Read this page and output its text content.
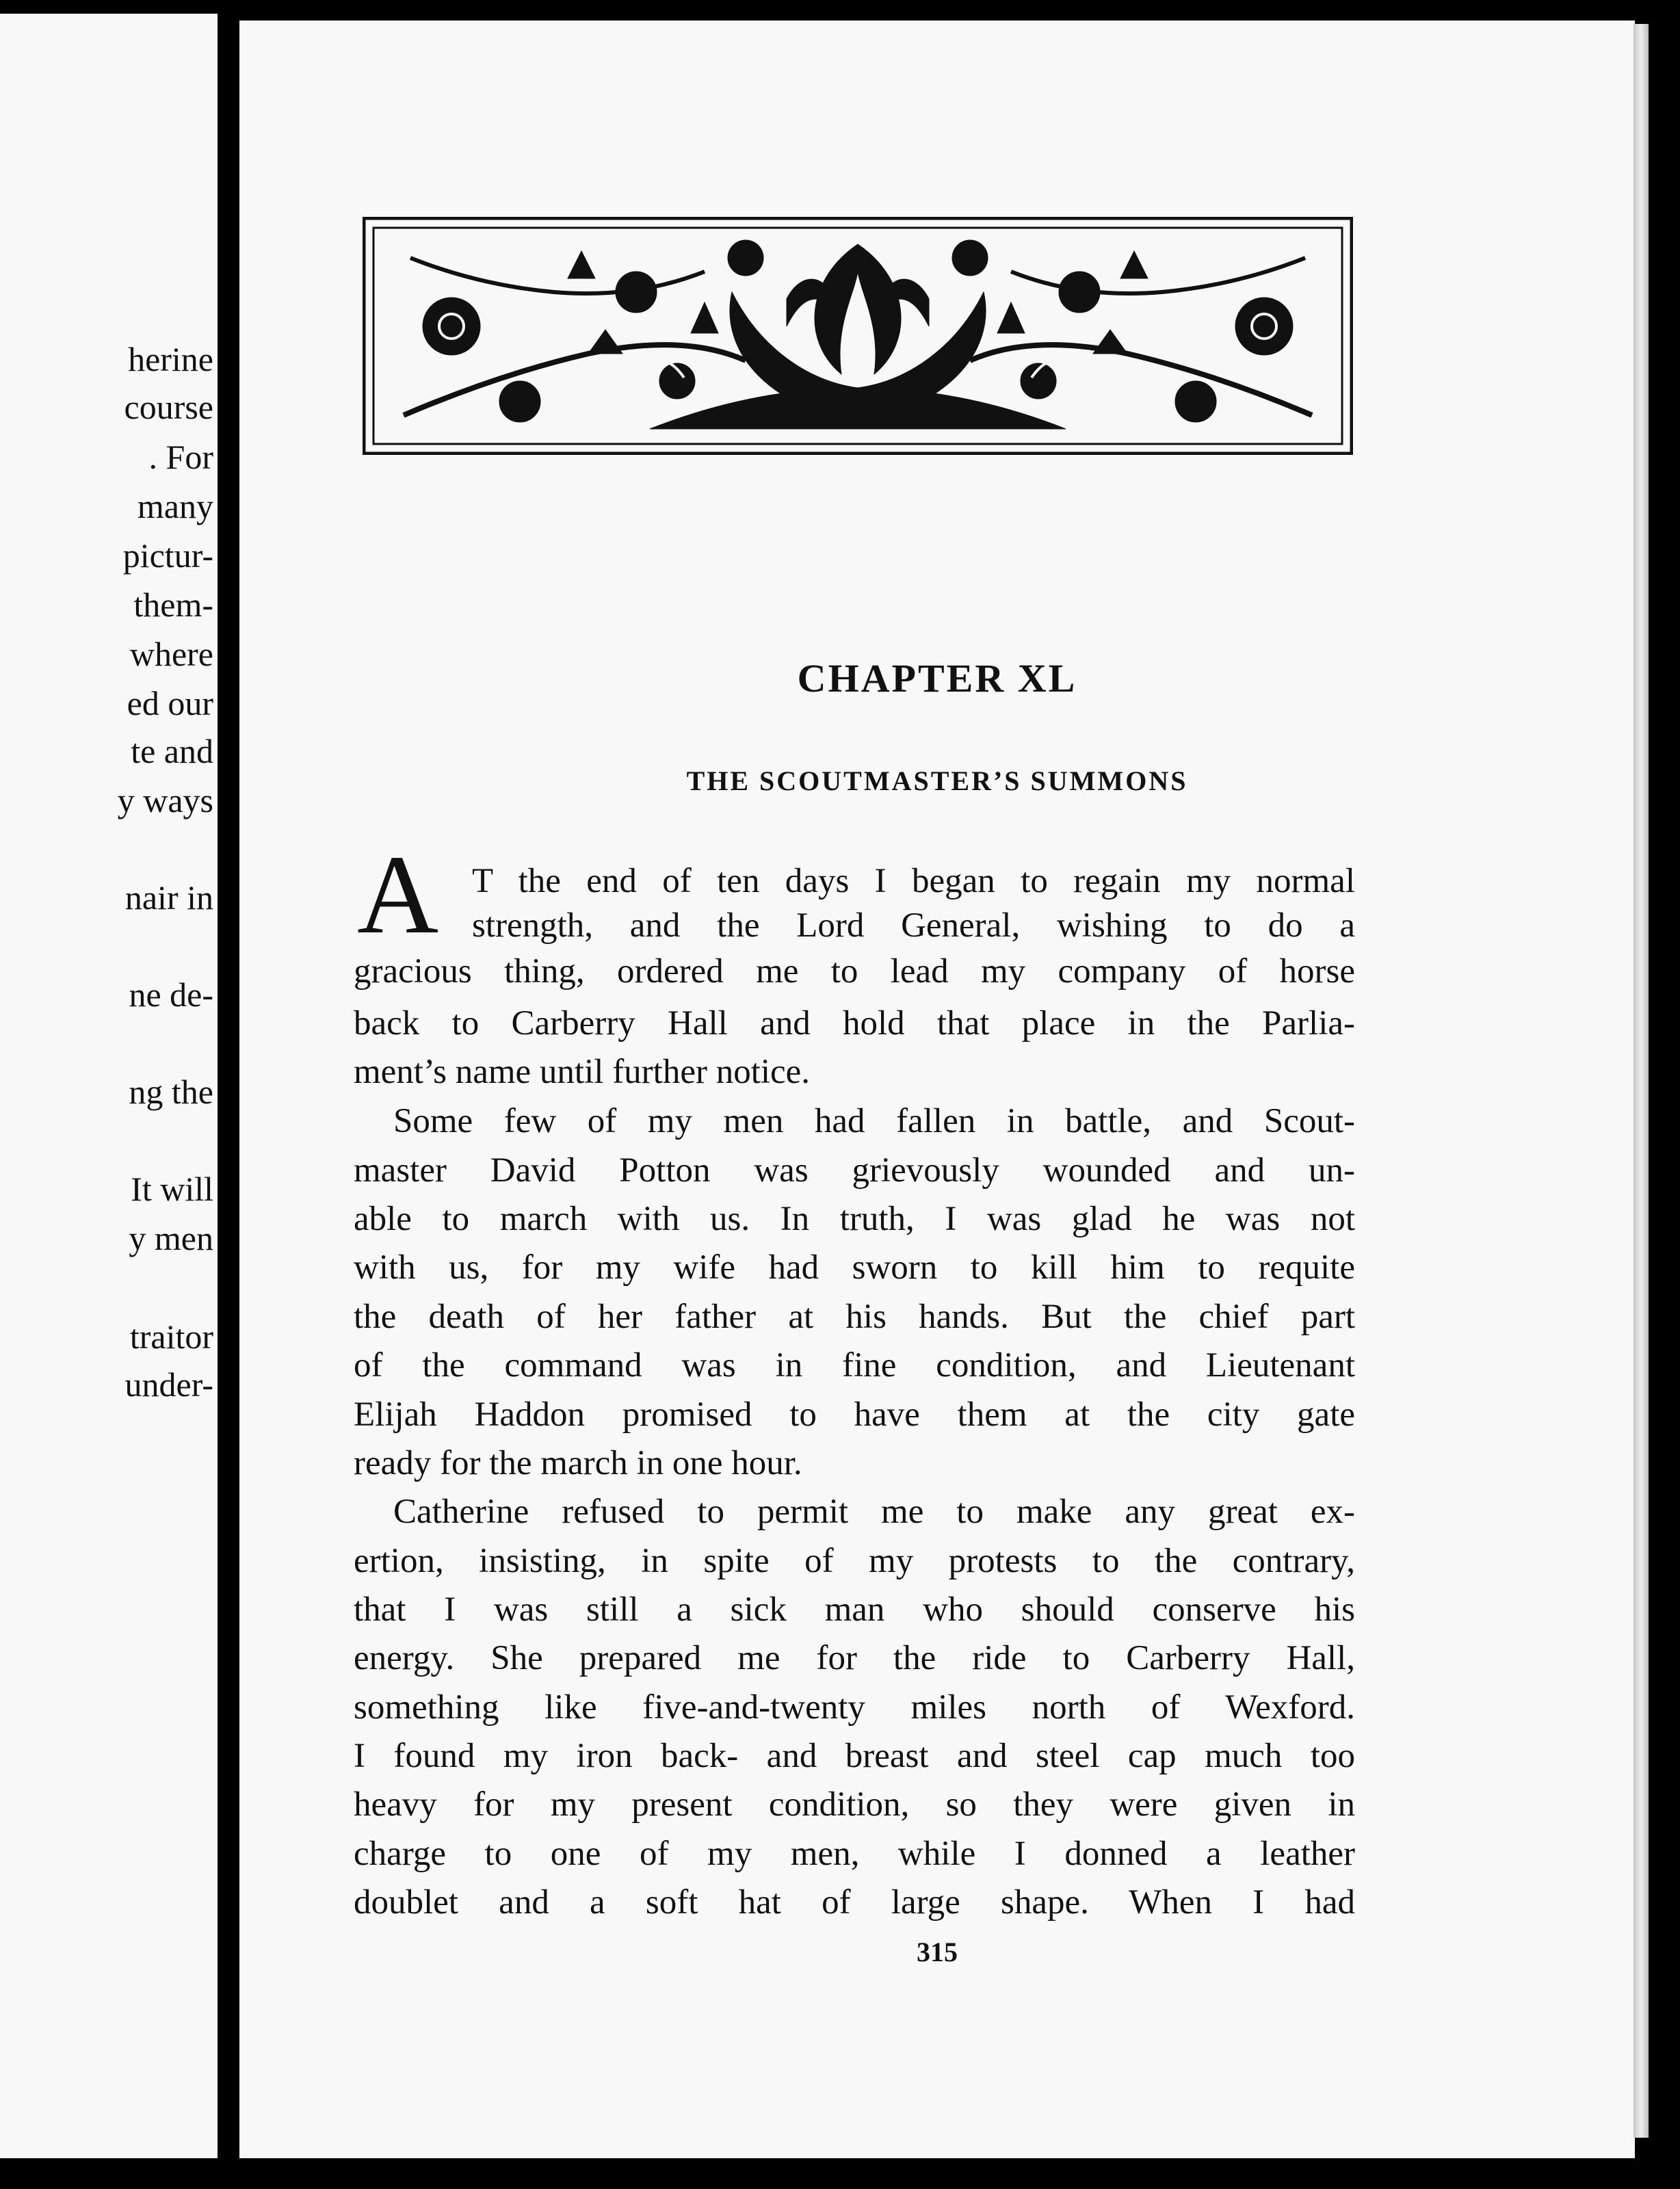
herine
course
. For
many
pictur-
them-
where
ed our
te and
y ways
nair in
ne de-
ng the
It will
y men
traitor
under-
CHAPTER XL
THE SCOUTMASTER’S SUMMONS
A T the end of ten days I began to regain my normal
strength, and the Lord General, wishing to do a
gracious thing, ordered me to lead my company of horse
back to Carberry Hall and hold that place in the Parlia-
ment’s name until further notice.
Some few of my men had fallen in battle, and Scout-
master David Potton was grievously wounded and un-
able to march with us. In truth, I was glad he was not
with us, for my wife had sworn to kill him to requite
the death of her father at his hands. But the chief part
of the command was in fine condition, and Lieutenant
Elijah Haddon promised to have them at the city gate
ready for the march in one hour.
Catherine refused to permit me to make any great ex-
ertion, insisting, in spite of my protests to the contrary,
that I was still a sick man who should conserve his
energy. She prepared me for the ride to Carberry Hall,
something like five-and-twenty miles north of Wexford.
I found my iron back- and breast and steel cap much too
heavy for my present condition, so they were given in
charge to one of my men, while I donned a leather
doublet and a soft hat of large shape. When I had
315
